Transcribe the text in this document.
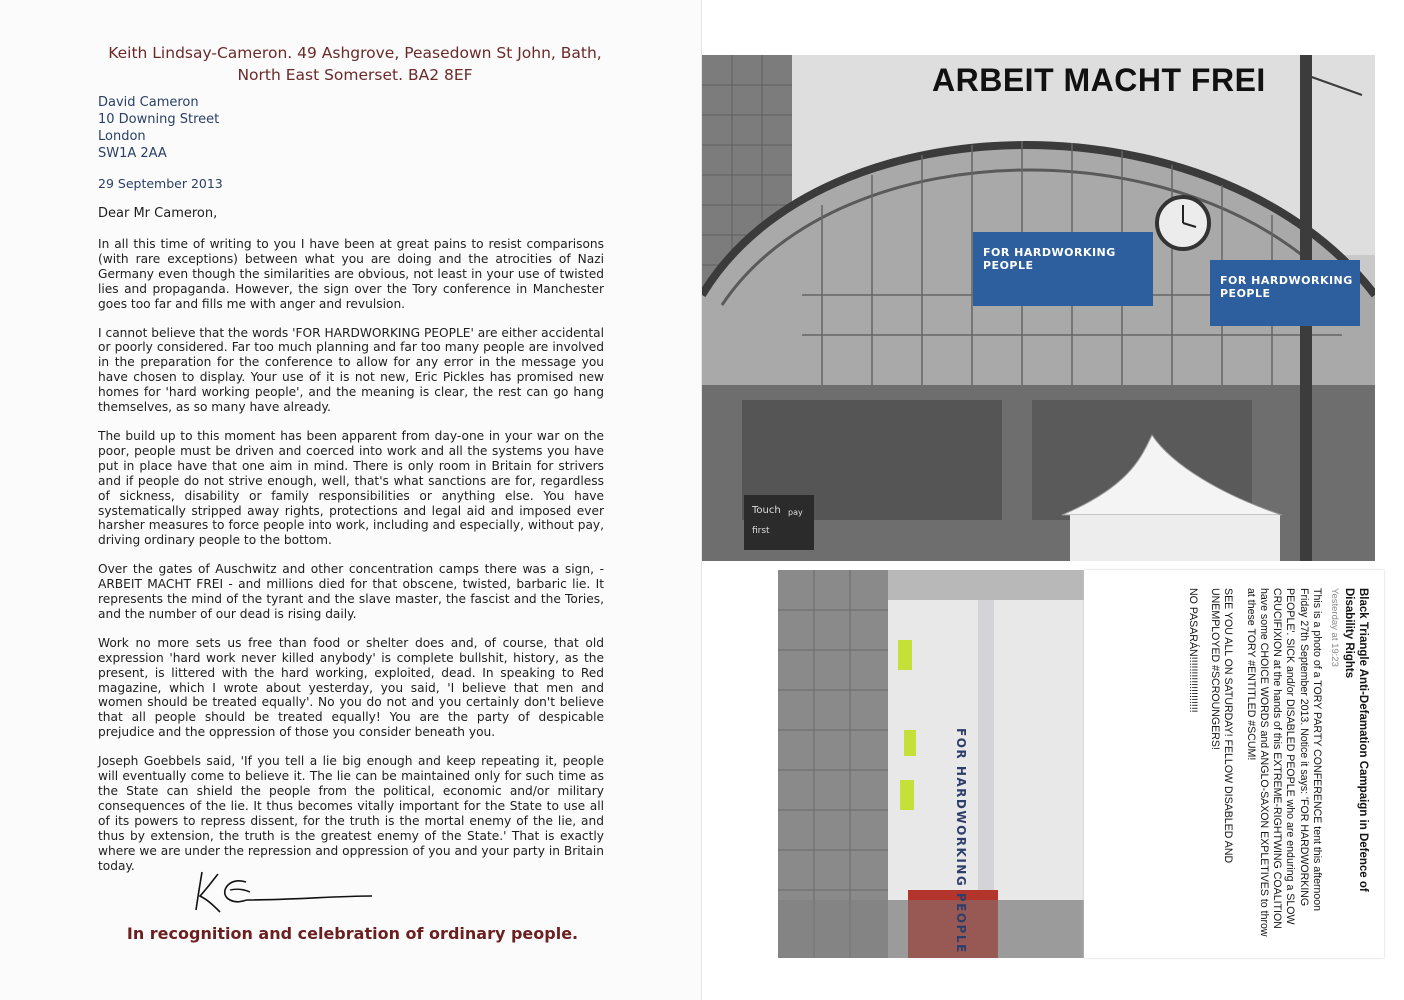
Keith Lindsay-Cameron. 49 Ashgrove, Peasedown St John, Bath,
North East Somerset. BA2 8EF
David Cameron
10 Downing Street
London
SW1A 2AA
29 September 2013
Dear Mr Cameron,

In all this time of writing to you I have been at great pains to resist comparisons (with rare exceptions) between what you are doing and the atrocities of Nazi Germany even though the similarities are obvious, not least in your use of twisted lies and propaganda. However, the sign over the Tory conference in Manchester goes too far and fills me with anger and revulsion.

I cannot believe that the words 'FOR HARDWORKING PEOPLE' are either accidental or poorly considered. Far too much planning and far too many people are involved in the preparation for the conference to allow for any error in the message you have chosen to display. Your use of it is not new, Eric Pickles has promised new homes for 'hard working people', and the meaning is clear, the rest can go hang themselves, as so many have already.

The build up to this moment has been apparent from day-one in your war on the poor, people must be driven and coerced into work and all the systems you have put in place have that one aim in mind. There is only room in Britain for strivers and if people do not strive enough, well, that's what sanctions are for, regardless of sickness, disability or family responsibilities or anything else. You have systematically stripped away rights, protections and legal aid and imposed ever harsher measures to force people into work, including and especially, without pay, driving ordinary people to the bottom.

Over the gates of Auschwitz and other concentration camps there was a sign, - ARBEIT MACHT FREI - and millions died for that obscene, twisted, barbaric lie. It represents the mind of the tyrant and the slave master, the fascist and the Tories, and the number of our dead is rising daily.

Work no more sets us free than food or shelter does and, of course, that old expression 'hard work never killed anybody' is complete bullshit, history, as the present, is littered with the hard working, exploited, dead. In speaking to Red magazine, which I wrote about yesterday, you said, 'I believe that men and women should be treated equally'. No you do not and you certainly don't believe that all people should be treated equally! You are the party of despicable prejudice and the oppression of those you consider beneath you.

Joseph Goebbels said, 'If you tell a lie big enough and keep repeating it, people will eventually come to believe it. The lie can be maintained only for such time as the State can shield the people from the political, economic and/or military consequences of the lie. It thus becomes vitally important for the State to use all of its powers to repress dissent, for the truth is the mortal enemy of the lie, and thus by extension, the truth is the greatest enemy of the State.' That is exactly where we are under the repression and oppression of you and your party in Britain today.

In recognition and celebration of ordinary people.
Touch pay
first
FOR HARDWORKING PEOPLE
FOR HARDWORKING PEOPLE
ARBEIT MACHT FREI
FOR HARDWORKING PEOPLE	Black Triangle Anti-Defamation Campaign in Defence of Disability Rights
Yesterday at 19:23

This is a photo of a TORY PARTY CONFERENCE tent this afternoon Friday 27th September 2013. Notice it says: 'FOR HARDWORKING PEOPLE'. SICK and/or DISABLED PEOPLE who are enduring a SLOW CRUCIFIXION at the hands of this EXTREME-RIGHTWING COALITION have some CHOICE WORDS and ANGLO-SAXON EXPLETIVES to throw at these TORY #ENTITLED #SCUM!

SEE YOU ALL ON SATURDAY! FELLOW DISABLED AND UNEMPLOYED #SCROUNGERS!

NO PASARÁN!!!!!!!!!!!!!!!!!!!
